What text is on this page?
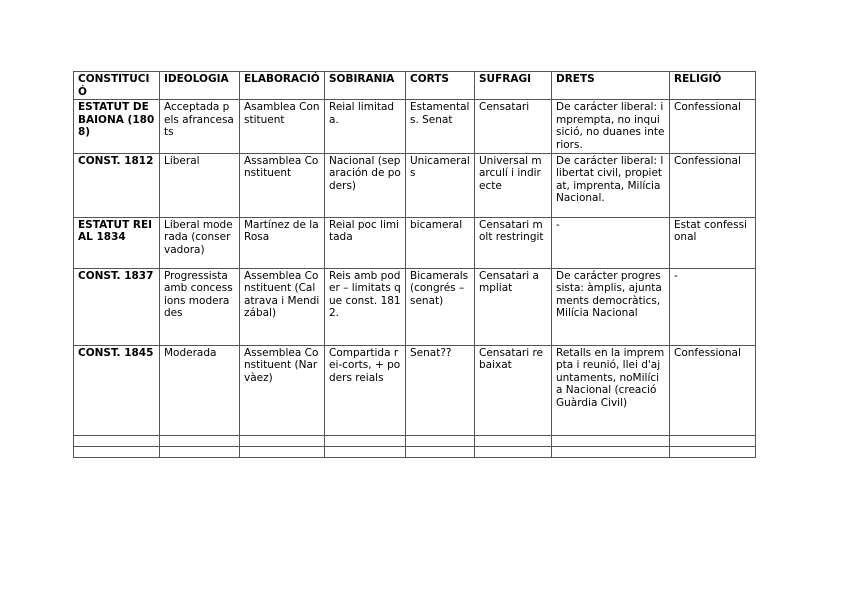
CONSTITUCIÓ	IDEOLOGIA	ELABORACIÓ	SOBIRANIA	CORTS	SUFRAGI	DRETS	RELIGIÓ
ESTATUT DE BAIONA (1808)	Acceptada pels afrancesats	Asamblea Constituent	Reial limitada.	Estamentals. Senat	Censatari	De carácter liberal: imprempta, no inquisició, no duanes interiors.	Confessional
CONST. 1812	Liberal	Assamblea Constituent	Nacional (separación de poders)	Unicamerals	Universal marculí i indirecte	De carácter liberal: llibertat civil, propietat, imprenta, Milícia Nacional.	Confessional
ESTATUT REIAL 1834	Liberal moderada (conservadora)	Martínez de la Rosa	Reial poc limitada	bicameral	Censatari molt restringit	-	Estat confessional
CONST. 1837	Progressista amb concessions moderades	Assemblea Constituent (Calatrava i Mendizábal)	Reis amb poder – limitats que const. 1812.	Bicamerals (congrés – senat)	Censatari ampliat	De carácter progressista: àmplis, ajuntaments democràtics, Milícia Nacional	-
CONST. 1845	Moderada	Assemblea Constituent (Narvàez)	Compartida rei-corts, + poders reials	Senat??	Censatari rebaixat	Retalls en la imprempta i reunió, llei d'ajuntaments, noMilícia Nacional (creació Guàrdia Civil)	Confessional
